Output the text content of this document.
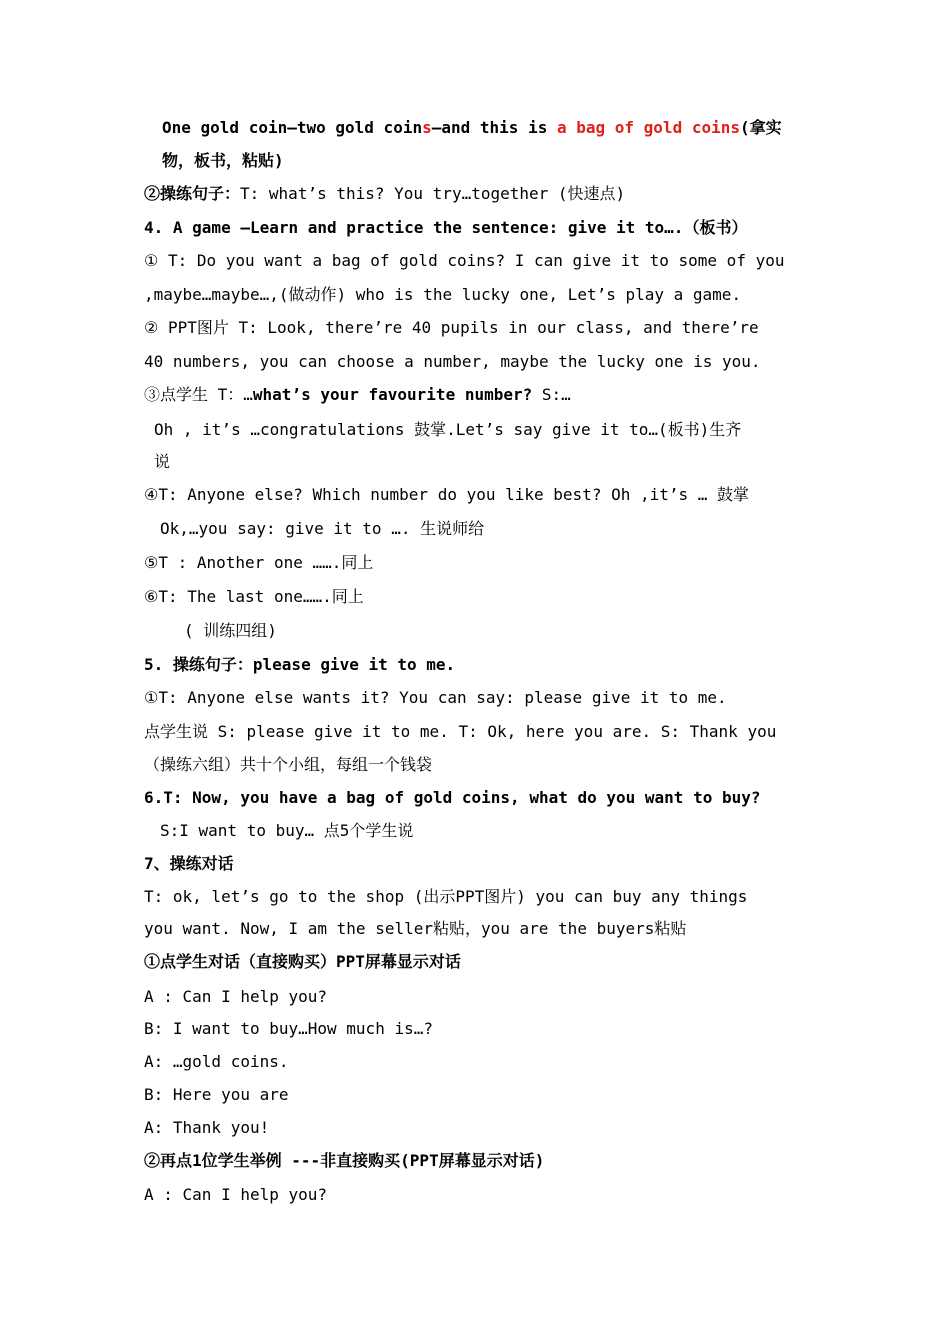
One gold coin—two gold coins—and this is a bag of gold coins(拿实
物，板书，粘贴)
②操练句子：T: what’s this? You try…together (快速点)
4. A game —Learn and practice the sentence: give it to….（板书）
① T: Do you want a bag of gold coins? I can give it to some of you
,maybe…maybe…,(做动作) who is the lucky one, Let’s play a game.
② PPT图片 T: Look, there’re 40 pupils in our class, and there’re
40 numbers, you can choose a number, maybe the lucky one is you.
③点学生 T：…what’s your favourite number? S:…
Oh , it’s …congratulations 鼓掌.Let’s say give it to…(板书)生齐
说
④T: Anyone else? Which number do you like best? Oh ,it’s … 鼓掌
Ok,…you say: give it to …. 生说师给
⑤T : Another one …….同上
⑥T: The last one…….同上
( 训练四组)
5. 操练句子：please give it to me.
①T: Anyone else wants it? You can say: please give it to me.
点学生说 S: please give it to me. T: Ok, here you are. S: Thank you
（操练六组）共十个小组，每组一个钱袋
6.T: Now, you have a bag of gold coins, what do you want to buy?
S:I want to buy… 点5个学生说
7、操练对话
T: ok, let’s go to the shop (出示PPT图片) you can buy any things
you want. Now, I am the seller粘贴，you are the buyers粘贴
①点学生对话（直接购买）PPT屏幕显示对话
A : Can I help you?
B: I want to buy…How much is…?
A: …gold coins.
B: Here you are
A: Thank you!
②再点1位学生举例 ---非直接购买(PPT屏幕显示对话)
A : Can I help you?
